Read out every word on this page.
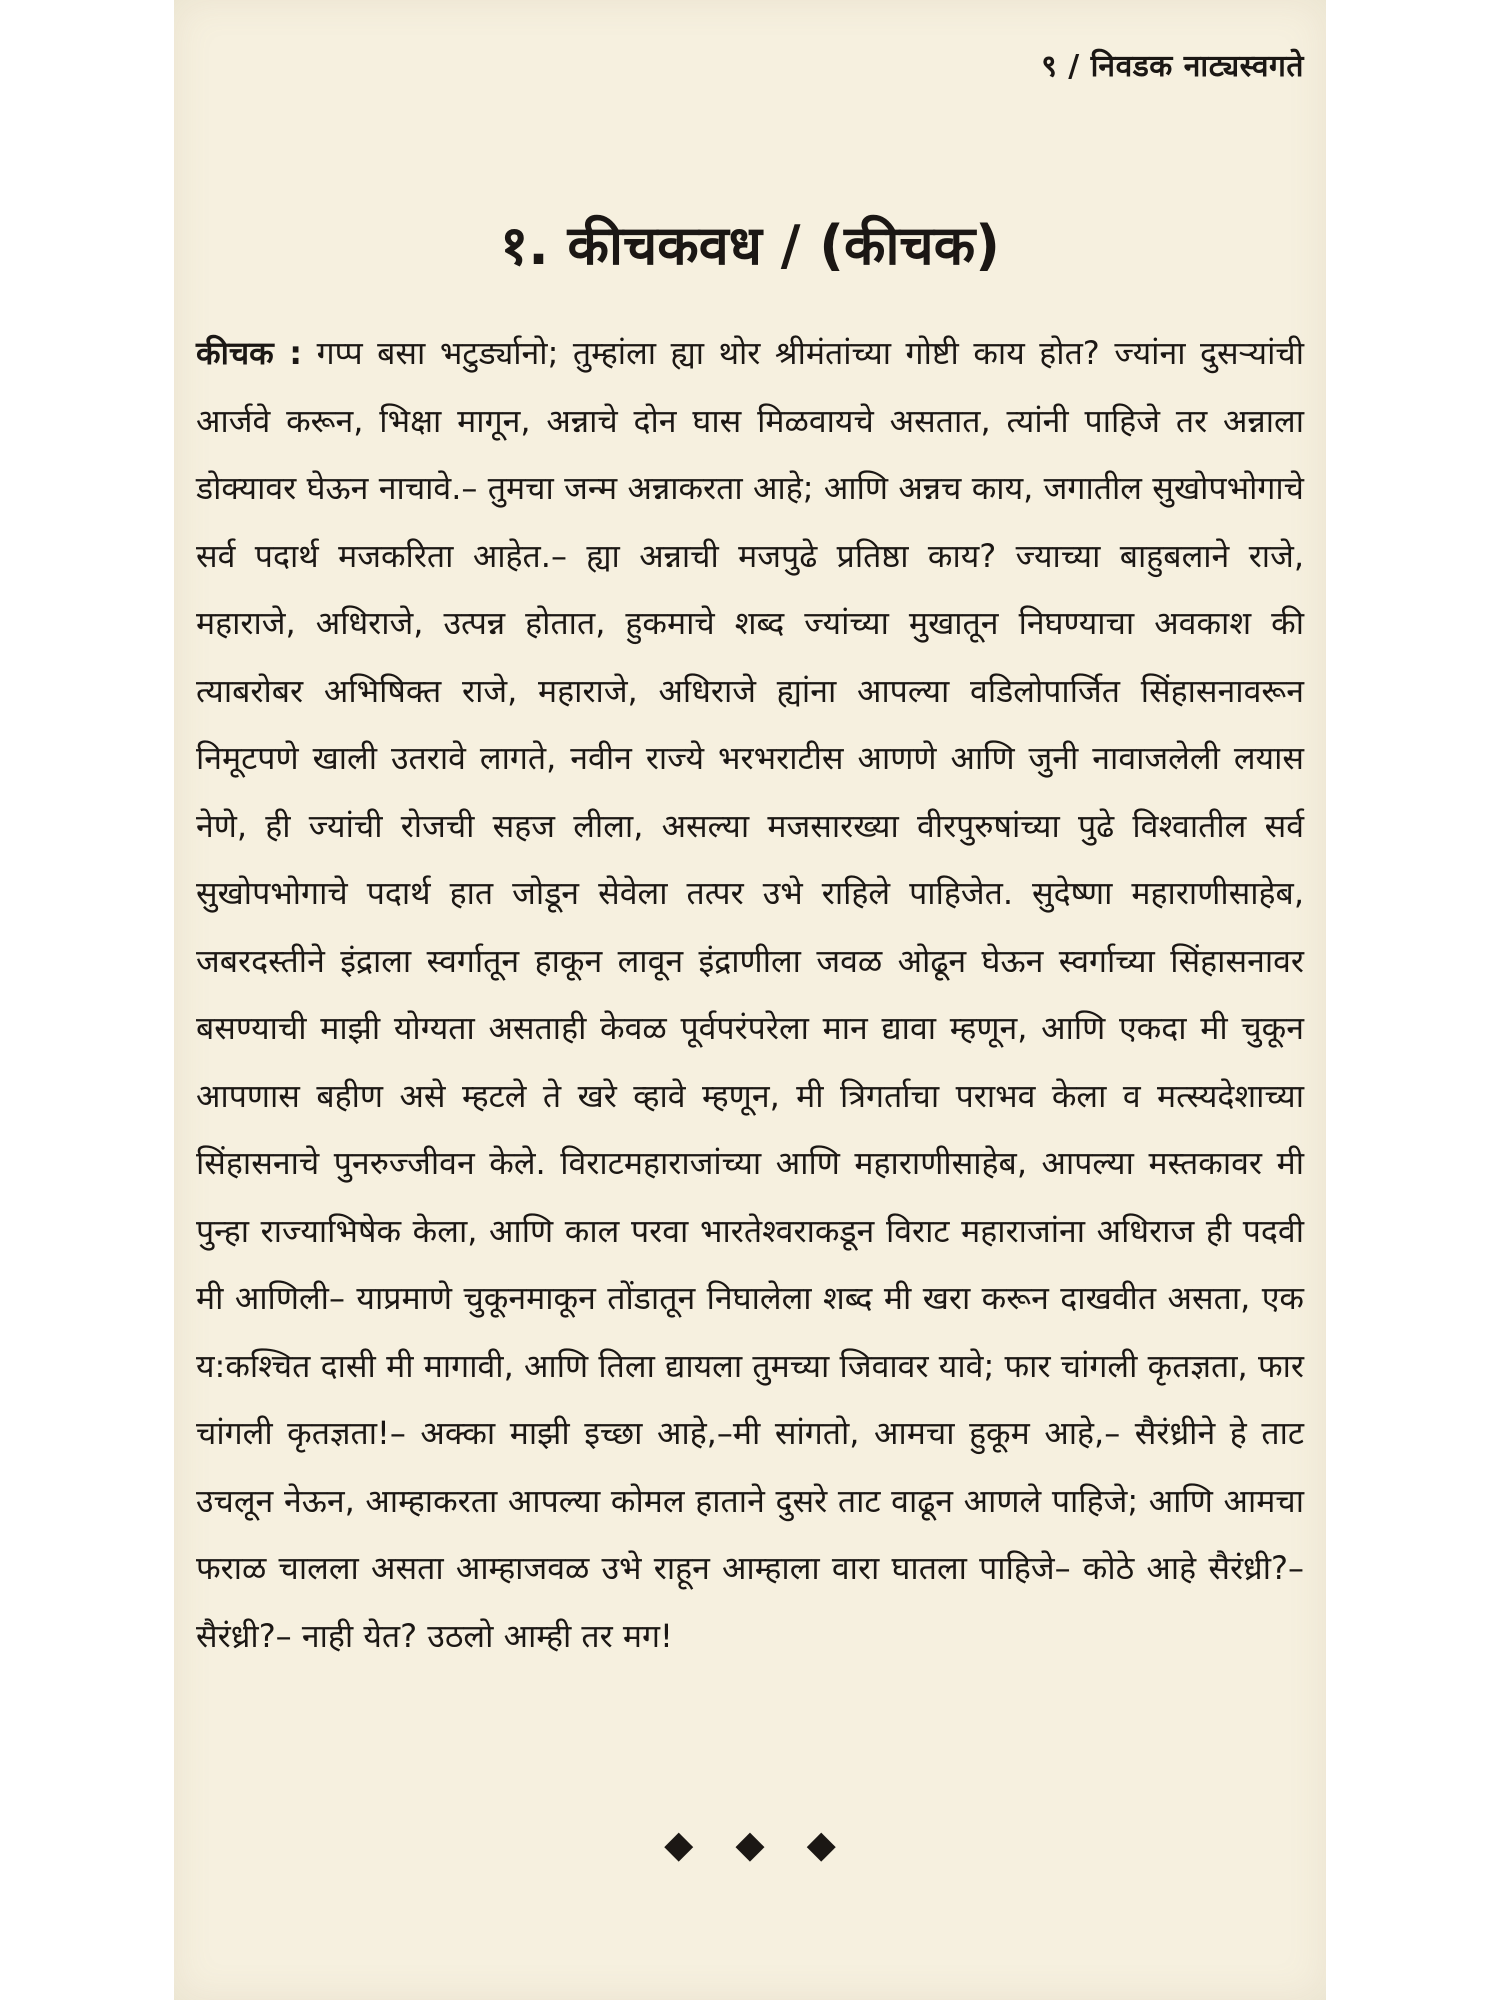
९ / निवडक नाट्यस्वगते
१. कीचकवध / (कीचक)

कीचक : गप्प बसा भटुर्ड्यानो; तुम्हांला ह्या थोर श्रीमंतांच्या गोष्टी काय होत? ज्यांना दुसऱ्यांची आर्जवे करून, भिक्षा मागून, अन्नाचे दोन घास मिळवायचे असतात, त्यांनी पाहिजे तर अन्नाला डोक्यावर घेऊन नाचावे.– तुमचा जन्म अन्नाकरता आहे; आणि अन्नच काय, जगातील सुखोपभोगाचे सर्व पदार्थ मजकरिता आहेत.– ह्या अन्नाची मजपुढे प्रतिष्ठा काय? ज्याच्या बाहुबलाने राजे, महाराजे, अधिराजे, उत्पन्न होतात, हुकमाचे शब्द ज्यांच्या मुखातून निघण्याचा अवकाश की त्याबरोबर अभिषिक्त राजे, महाराजे, अधिराजे ह्यांना आपल्या वडिलोपार्जित सिंहासनावरून निमूटपणे खाली उतरावे लागते, नवीन राज्ये भरभराटीस आणणे आणि जुनी नावाजलेली लयास नेणे, ही ज्यांची रोजची सहज लीला, असल्या मजसारख्या वीरपुरुषांच्या पुढे विश्वातील सर्व सुखोपभोगाचे पदार्थ हात जोडून सेवेला तत्पर उभे राहिले पाहिजेत. सुदेष्णा महाराणीसाहेब, जबरदस्तीने इंद्राला स्वर्गातून हाकून लावून इंद्राणीला जवळ ओढून घेऊन स्वर्गाच्या सिंहासनावर बसण्याची माझी योग्यता असताही केवळ पूर्वपरंपरेला मान द्यावा म्हणून, आणि एकदा मी चुकून आपणास बहीण असे म्हटले ते खरे व्हावे म्हणून, मी त्रिगर्ताचा पराभव केला व मत्स्यदेशाच्या सिंहासनाचे पुनरुज्जीवन केले. विराटमहाराजांच्या आणि महाराणीसाहेब, आपल्या मस्तकावर मी पुन्हा राज्याभिषेक केला, आणि काल परवा भारतेश्वराकडून विराट महाराजांना अधिराज ही पदवी मी आणिली– याप्रमाणे चुकूनमाकून तोंडातून निघालेला शब्द मी खरा करून दाखवीत असता, एक य:कश्चित दासी मी मागावी, आणि तिला द्यायला तुमच्या जिवावर यावे; फार चांगली कृतज्ञता, फार चांगली कृतज्ञता!– अक्का माझी इच्छा आहे,–मी सांगतो, आमचा हुकूम आहे,– सैरंध्रीने हे ताट उचलून नेऊन, आम्हाकरता आपल्या कोमल हाताने दुसरे ताट वाढून आणले पाहिजे; आणि आमचा फराळ चालला असता आम्हाजवळ उभे राहून आम्हाला वारा घातला पाहिजे– कोठे आहे सैरंध्री?– सैरंध्री?– नाही येत? उठलो आम्ही तर मग!

◆◆◆
